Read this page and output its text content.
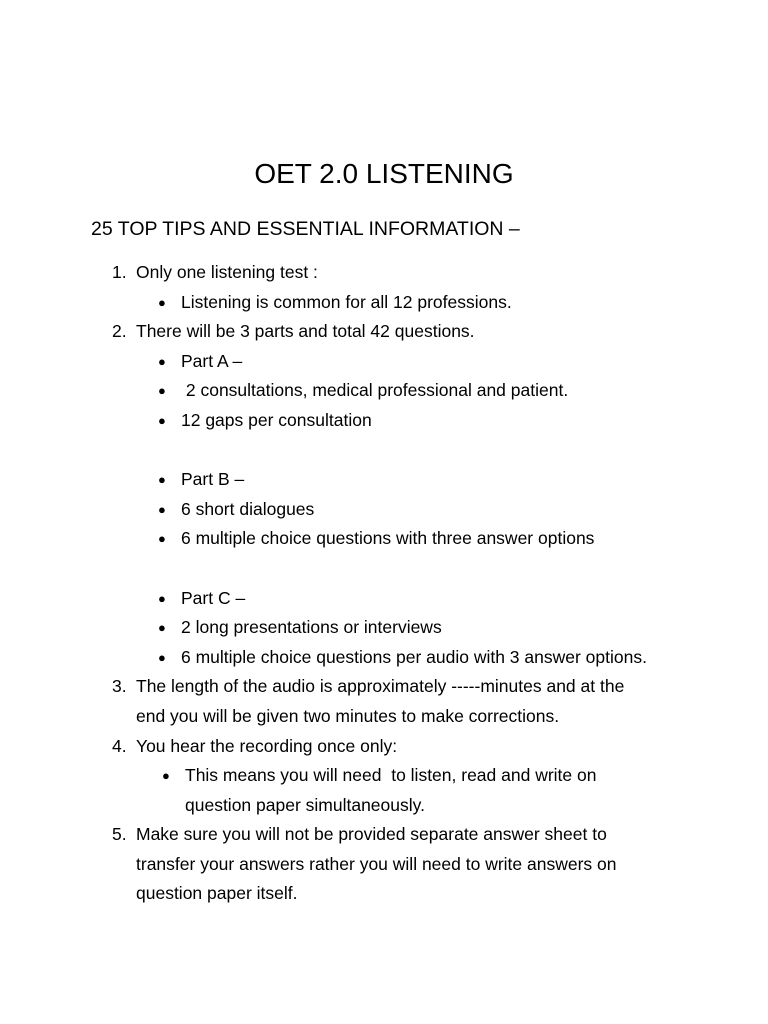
OET 2.0 LISTENING
25 TOP TIPS AND ESSENTIAL INFORMATION –
1. Only one listening test :
● Listening is common for all 12 professions.
2. There will be 3 parts and total 42 questions.
● Part A –
● 2 consultations, medical professional and patient.
● 12 gaps per consultation
● Part B –
● 6 short dialogues
● 6 multiple choice questions with three answer options
● Part C –
● 2 long presentations or interviews
● 6 multiple choice questions per audio with 3 answer options.
3. The length of the audio is approximately -----minutes and at the
end you will be given two minutes to make corrections.
4. You hear the recording once only:
● This means you will need  to listen, read and write on
question paper simultaneously.
5. Make sure you will not be provided separate answer sheet to
transfer your answers rather you will need to write answers on
question paper itself.
